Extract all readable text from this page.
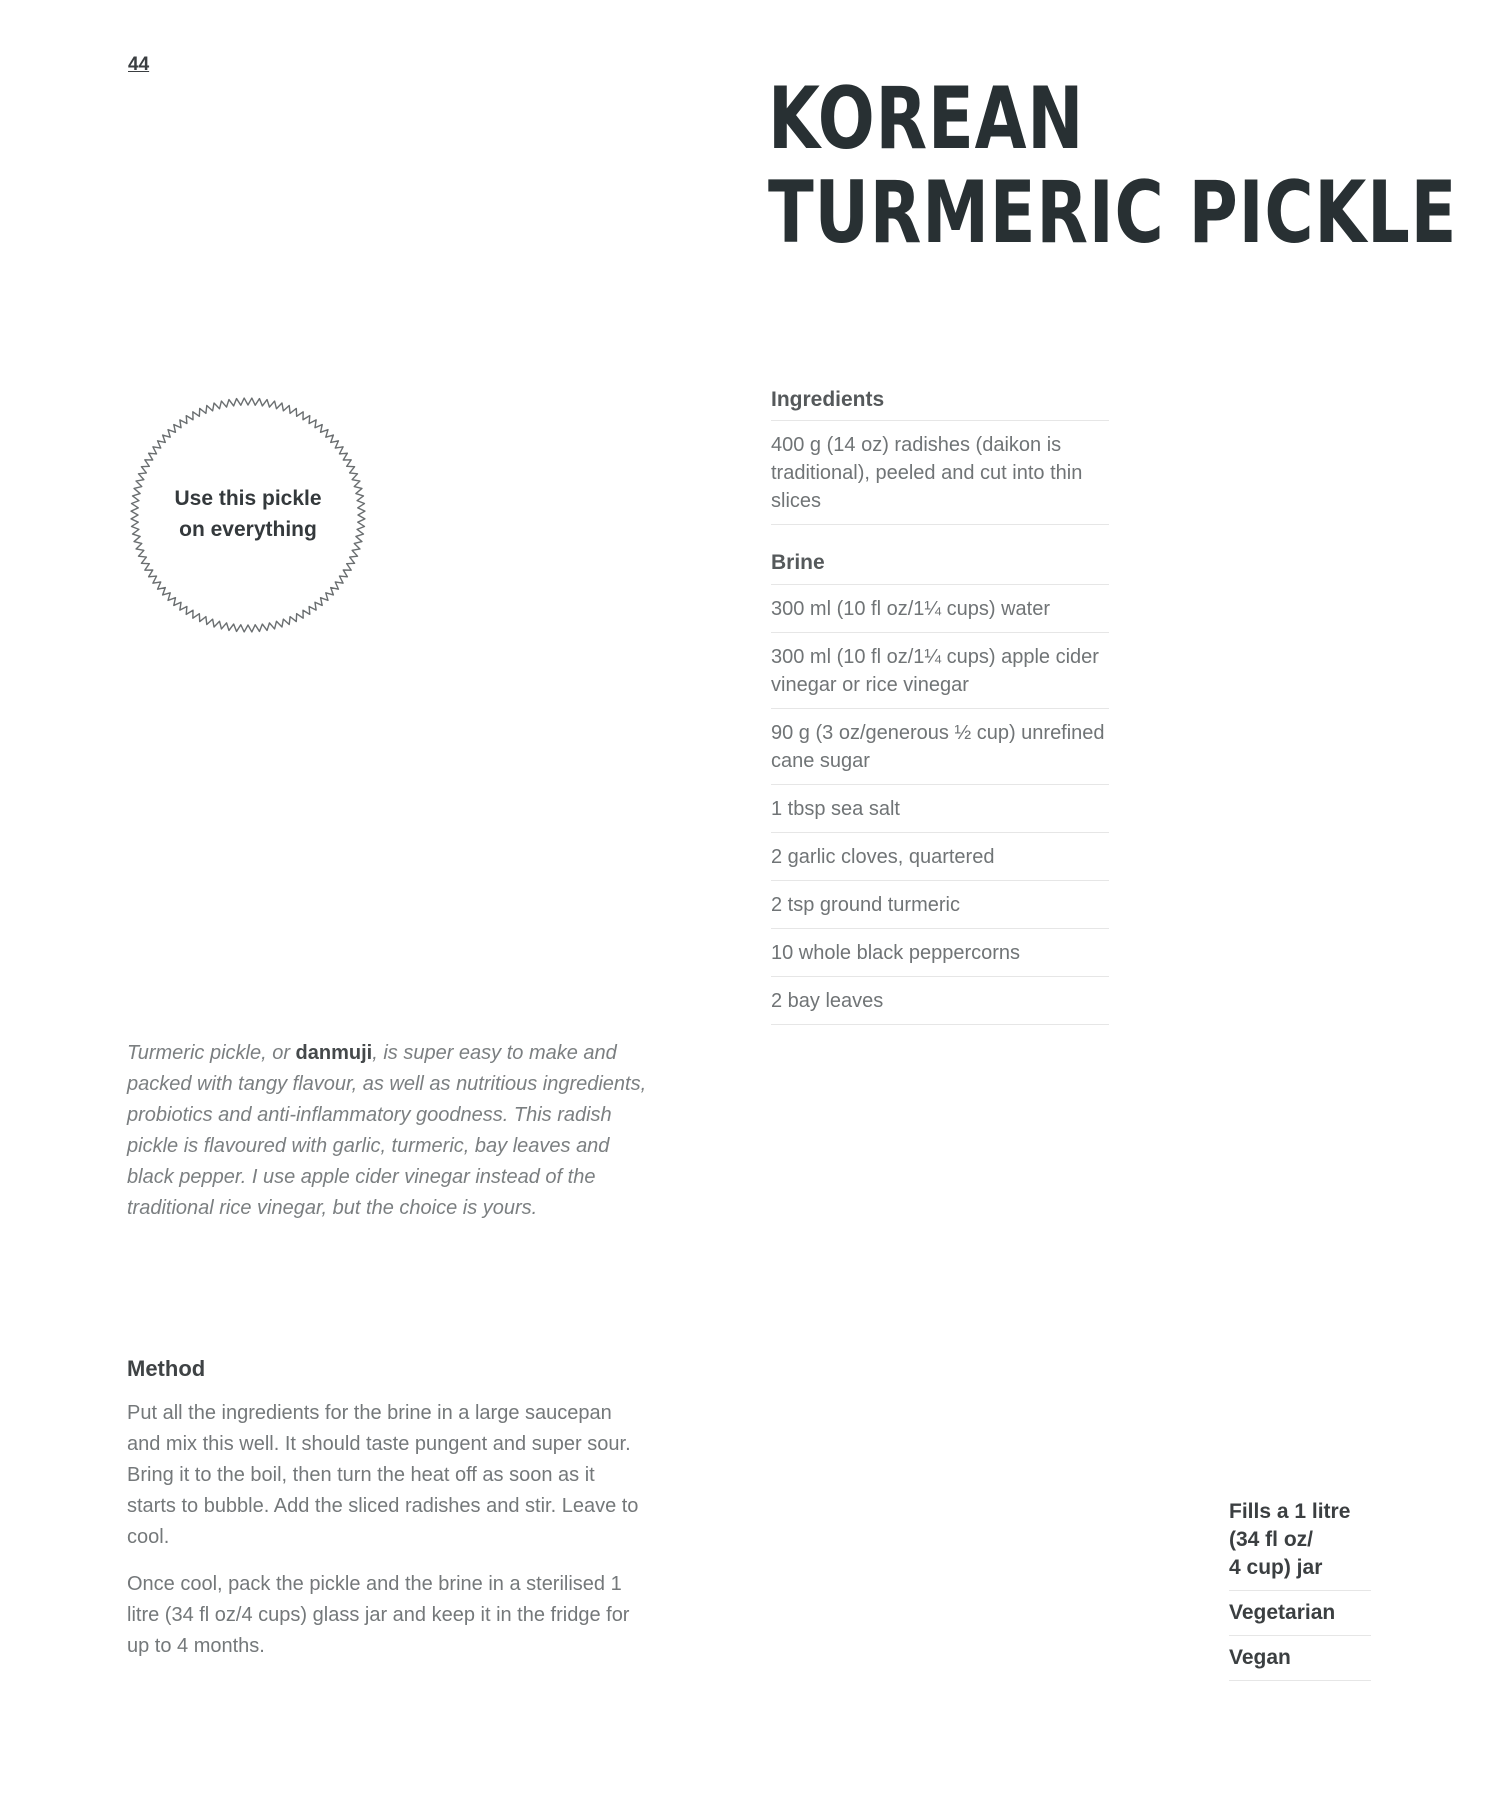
44
KOREAN
TURMERIC PICKLE
Use this pickle
on everything
Ingredients
400 g (14 oz) radishes (daikon is traditional), peeled and cut into thin slices
Brine
300 ml (10 fl oz/1¼ cups) water
300 ml (10 fl oz/1¼ cups) apple cider vinegar or rice vinegar
90 g (3 oz/generous ½ cup) unrefined cane sugar
1 tbsp sea salt
2 garlic cloves, quartered
2 tsp ground turmeric
10 whole black peppercorns
2 bay leaves

Turmeric pickle, or danmuji, is super easy to make and packed with tangy flavour, as well as nutritious ingredients, probiotics and anti-inflammatory goodness. This radish pickle is flavoured with garlic, turmeric, bay leaves and black pepper. I use apple cider vinegar instead of the traditional rice vinegar, but the choice is yours.

Method

Put all the ingredients for the brine in a large saucepan and mix this well. It should taste pungent and super sour. Bring it to the boil, then turn the heat off as soon as it starts to bubble. Add the sliced radishes and stir. Leave to cool.

Once cool, pack the pickle and the brine in a sterilised 1 litre (34 fl oz/4 cups) glass jar and keep it in the fridge for up to 4 months.

Fills a 1 litre
(34 fl oz/
4 cup) jar
Vegetarian
Vegan
